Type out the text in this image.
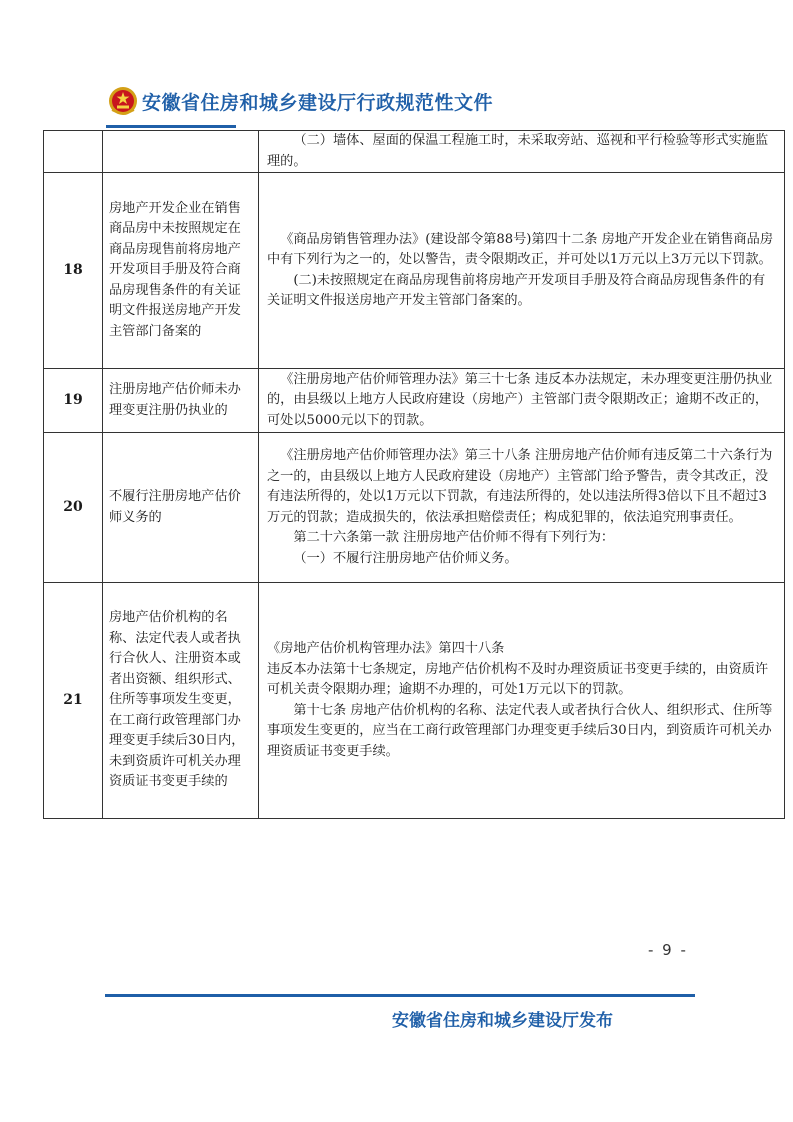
安徽省住房和城乡建设厅行政规范性文件

		（二）墙体、屋面的保温工程施工时，未采取旁站、巡视和平行检验等形式实施监理的。

18	房地产开发企业在销售商品房中未按照规定在商品房现售前将房地产开发项目手册及符合商品房现售条件的有关证明文件报送房地产开发主管部门备案的	《商品房销售管理办法》(建设部令第88号)第四十二条 房地产开发企业在销售商品房中有下列行为之一的，处以警告，责令限期改正，并可处以1万元以上3万元以下罚款。

(二)未按照规定在商品房现售前将房地产开发项目手册及符合商品房现售条件的有关证明文件报送房地产开发主管部门备案的。

19	注册房地产估价师未办理变更注册仍执业的	《注册房地产估价师管理办法》第三十七条 违反本办法规定，未办理变更注册仍执业的，由县级以上地方人民政府建设（房地产）主管部门责令限期改正；逾期不改正的，可处以5000元以下的罚款。

20	不履行注册房地产估价师义务的	《注册房地产估价师管理办法》第三十八条 注册房地产估价师有违反第二十六条行为之一的，由县级以上地方人民政府建设（房地产）主管部门给予警告，责令其改正，没有违法所得的，处以1万元以下罚款，有违法所得的，处以违法所得3倍以下且不超过3万元的罚款；造成损失的，依法承担赔偿责任；构成犯罪的，依法追究刑事责任。

第二十六条第一款 注册房地产估价师不得有下列行为：

（一）不履行注册房地产估价师义务。

21	房地产估价机构的名称、法定代表人或者执行合伙人、注册资本或者出资额、组织形式、住所等事项发生变更，在工商行政管理部门办理变更手续后30日内，未到资质许可机关办理资质证书变更手续的	《房地产估价机构管理办法》第四十八条

违反本办法第十七条规定，房地产估价机构不及时办理资质证书变更手续的，由资质许可机关责令限期办理；逾期不办理的，可处1万元以下的罚款。

第十七条 房地产估价机构的名称、法定代表人或者执行合伙人、组织形式、住所等事项发生变更的，应当在工商行政管理部门办理变更手续后30日内，到资质许可机关办理资质证书变更手续。

- 9 -
安徽省住房和城乡建设厅发布
